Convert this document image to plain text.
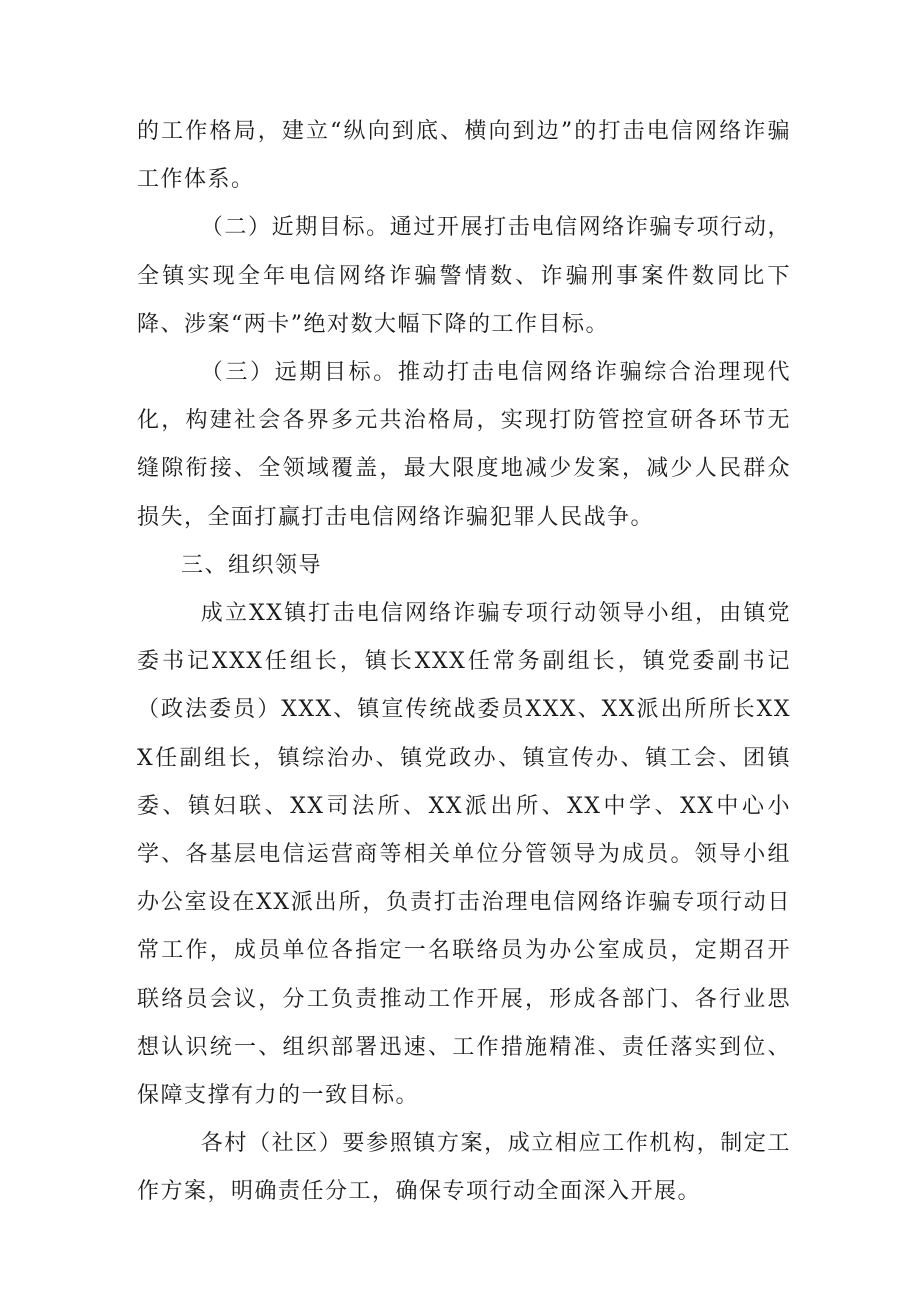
的工作格局，建立“纵向到底、横向到边”的打击电信网络诈骗工作体系。

（二）近期目标。通过开展打击电信网络诈骗专项行动，全镇实现全年电信网络诈骗警情数、诈骗刑事案件数同比下降、涉案“两卡”绝对数大幅下降的工作目标。

（三）远期目标。推动打击电信网络诈骗综合治理现代化，构建社会各界多元共治格局，实现打防管控宣研各环节无缝隙衔接、全领域覆盖，最大限度地减少发案，减少人民群众损失，全面打赢打击电信网络诈骗犯罪人民战争。

三、组织领导

成立XX镇打击电信网络诈骗专项行动领导小组，由镇党委书记XXX任组长，镇长XXX任常务副组长，镇党委副书记（政法委员）XXX、镇宣传统战委员XXX、XX派出所所长XXX任副组长，镇综治办、镇党政办、镇宣传办、镇工会、团镇委、镇妇联、XX司法所、XX派出所、XX中学、XX中心小学、各基层电信运营商等相关单位分管领导为成员。领导小组办公室设在XX派出所，负责打击治理电信网络诈骗专项行动日常工作，成员单位各指定一名联络员为办公室成员，定期召开联络员会议，分工负责推动工作开展，形成各部门、各行业思想认识统一、组织部署迅速、工作措施精准、责任落实到位、保障支撑有力的一致目标。

各村（社区）要参照镇方案，成立相应工作机构，制定工作方案，明确责任分工，确保专项行动全面深入开展。
